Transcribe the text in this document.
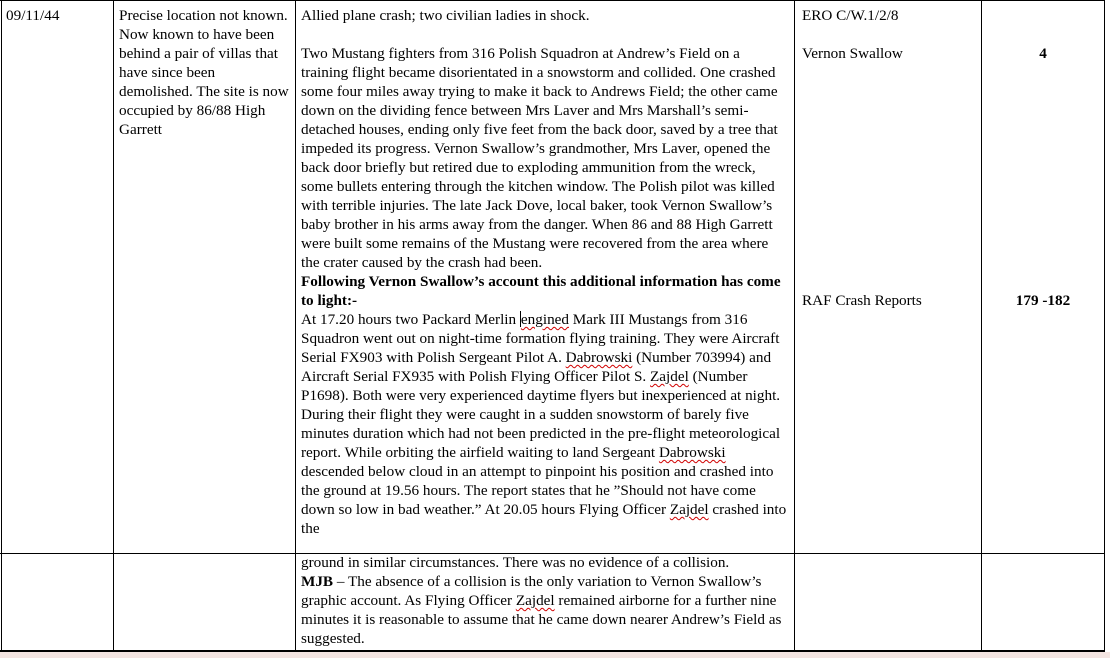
09/11/44	Precise location not known. Now known to have been behind a pair of villas that have since been demolished. The site is now occupied by 86/88 High Garrett

Allied plane crash; two civilian ladies in shock.

Two Mustang fighters from 316 Polish Squadron at Andrew’s Field on a training flight became disorientated in a snowstorm and collided. One crashed some four miles away trying to make it back to Andrews Field; the other came down on the dividing fence between Mrs Laver and Mrs Marshall’s semi-detached houses, ending only five feet from the back door, saved by a tree that impeded its progress. Vernon Swallow’s grandmother, Mrs Laver, opened the back door briefly but retired due to exploding ammunition from the wreck, some bullets entering through the kitchen window. The Polish pilot was killed with terrible injuries. The late Jack Dove, local baker, took Vernon Swallow’s baby brother in his arms away from the danger. When 86 and 88 High Garrett were built some remains of the Mustang were recovered from the area where the crater caused by the crash had been.

Following Vernon Swallow’s account this additional information has come to light:-

At 17.20 hours two Packard Merlin engined Mark III Mustangs from 316 Squadron went out on night-time formation flying training. They were Aircraft Serial FX903 with Polish Sergeant Pilot A. Dabrowski (Number 703994) and Aircraft Serial FX935 with Polish Flying Officer Pilot S. Zajdel (Number P1698). Both were very experienced daytime flyers but inexperienced at night. During their flight they were caught in a sudden snowstorm of barely five minutes duration which had not been predicted in the pre-flight meteorological report. While orbiting the airfield waiting to land Sergeant Dabrowski descended below cloud in an attempt to pinpoint his position and crashed into the ground at 19.56 hours. The report states that he ”Should not have come down so low in bad weather.” At 20.05 hours Flying Officer Zajdel crashed into the

ERO C/W.1/2/8
Vernon Swallow
RAF Crash Reports
4
179 -182

ground in similar circumstances. There was no evidence of a collision.
MJB – The absence of a collision is the only variation to Vernon Swallow’s graphic account. As Flying Officer Zajdel remained airborne for a further nine minutes it is reasonable to assume that he came down nearer Andrew’s Field as suggested.
